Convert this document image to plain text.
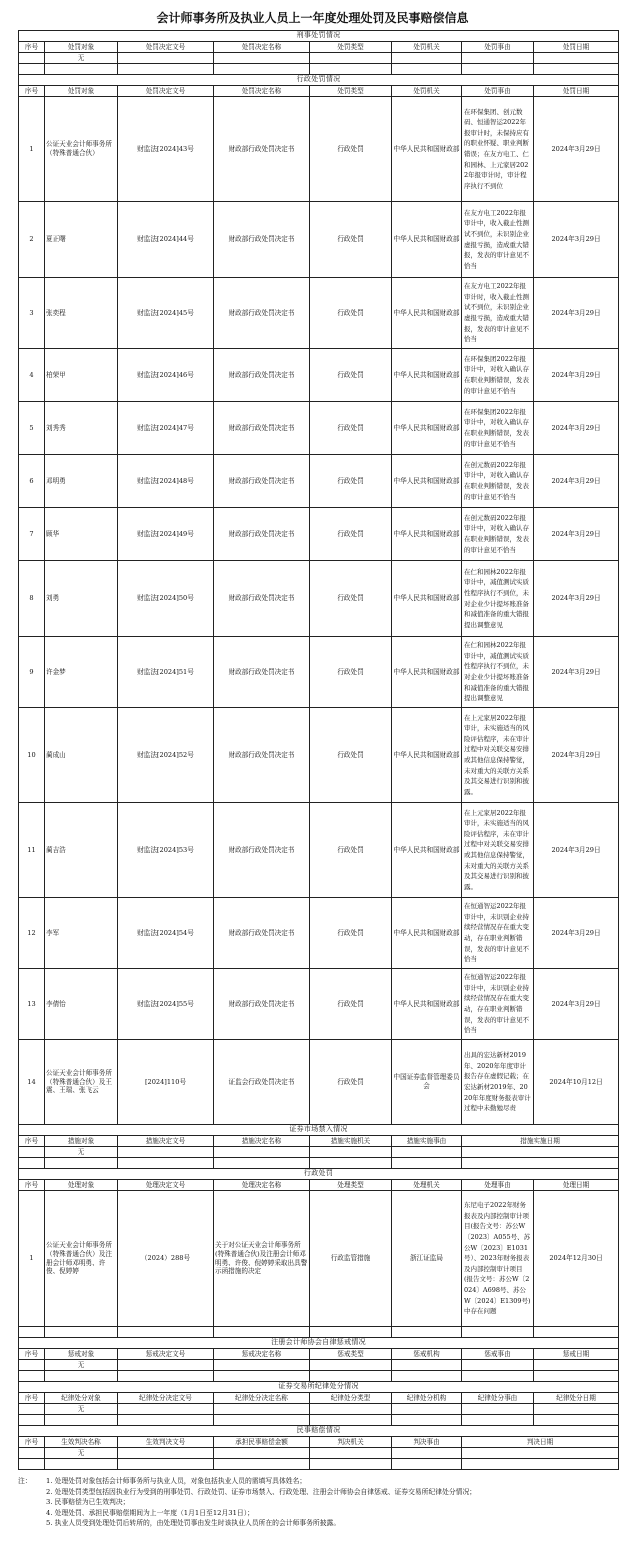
会计师事务所及执业人员上一年度处理处罚及民事赔偿信息
刑事处罚情况							
序号	处罚对象	处罚决定文号	处罚决定名称	处罚类型	处罚机关	处罚事由	处罚日期
	无						

行政处罚情况							
序号	处罚对象	处罚决定文号	处罚决定名称	处罚类型	处罚机关	处罚事由	处罚日期
1	公证天业会计师事务所（特殊普通合伙）	财监法[2024]43号	财政部行政处罚决定书	行政处罚	中华人民共和国财政部	在环保集团、创元数码、恒通智运2022年报审计时，未保持应有的职业怀疑、职业判断错误；在友方电工、仁和园林、上元家居2022年报审计时，审计程序执行不到位	2024年3月29日
2	夏正曙	财监法[2024]44号	财政部行政处罚决定书	行政处罚	中华人民共和国财政部	在友方电工2022年报审计中，收入截止性测试不到位，未识别企业虚报亏损，造成重大错报，发表的审计意见不恰当	2024年3月29日
3	张奕程	财监法[2024]45号	财政部行政处罚决定书	行政处罚	中华人民共和国财政部	在友方电工2022年报审计时，收入截止性测试不到位，未识别企业虚报亏损，造成重大错报，发表的审计意见不恰当	2024年3月29日
4	柏荣甲	财监法[2024]46号	财政部行政处罚决定书	行政处罚	中华人民共和国财政部	在环保集团2022年报审计中，对收入确认存在职业判断错误，发表的审计意见不恰当	2024年3月29日
5	刘秀秀	财监法[2024]47号	财政部行政处罚决定书	行政处罚	中华人民共和国财政部	在环保集团2022年报审计中，对收入确认存在职业判断错误，发表的审计意见不恰当	2024年3月29日
6	邓明勇	财监法[2024]48号	财政部行政处罚决定书	行政处罚	中华人民共和国财政部	在创元数码2022年报审计中，对收入确认存在职业判断错误，发表的审计意见不恰当	2024年3月29日
7	顾华	财监法[2024]49号	财政部行政处罚决定书	行政处罚	中华人民共和国财政部	在创元数码2022年报审计中，对收入确认存在职业判断错误，发表的审计意见不恰当	2024年3月29日
8	刘勇	财监法[2024]50号	财政部行政处罚决定书	行政处罚	中华人民共和国财政部	在仁和园林2022年报审计中，减值测试实质性程序执行不到位，未对企业少计提坏账准备和减值准备的重大错报提出调整意见	2024年3月29日
9	许金梦	财监法[2024]51号	财政部行政处罚决定书	行政处罚	中华人民共和国财政部	在仁和园林2022年报审计中，减值测试实质性程序执行不到位，未对企业少计提坏账准备和减值准备的重大错报提出调整意见	2024年3月29日
10	蔺成山	财监法[2024]52号	财政部行政处罚决定书	行政处罚	中华人民共和国财政部	在上元家居2022年报审计，未实施适当的风险评估程序，未在审计过程中对关联交易安排或其他信息保持警觉，未对重大的关联方关系及其交易进行识别和披露。	2024年3月29日
11	蔺吉浩	财监法[2024]53号	财政部行政处罚决定书	行政处罚	中华人民共和国财政部	在上元家居2022年报审计，未实施适当的风险评估程序，未在审计过程中对关联交易安排或其他信息保持警觉，未对重大的关联方关系及其交易进行识别和披露。	2024年3月29日
12	李军	财监法[2024]54号	财政部行政处罚决定书	行政处罚	中华人民共和国财政部	在恒通智运2022年报审计中，未识别企业持续经营情况存在重大变动，存在职业判断错误，发表的审计意见不恰当	2024年3月29日
13	李倩怡	财监法[2024]55号	财政部行政处罚决定书	行政处罚	中华人民共和国财政部	在恒通智运2022年报审计中，未识别企业持续经营情况存在重大变动，存在职业判断错误，发表的审计意见不恰当	2024年3月29日
14	公证天业会计师事务所（特殊普通合伙）及王震、王瑞、张飞云	[2024]110号	证监会行政处罚决定书	行政处罚	中国证券监督管理委员会	出具的宏达新材2019年、2020年年度审计报告存在虚假记载；在宏达新材2019年、2020年年度财务报表审计过程中未勤勉尽责	2024年10月12日
证券市场禁入情况							
序号	措施对象	措施决定文号	措施决定名称	措施实施机关	措施实施事由	措施实施日期	
	无						

行政处罚							
序号	处理对象	处理决定文号	处理决定名称	处理类型	处理机关	处理事由	处理日期
1	公证天业会计师事务所（特殊普通合伙）及注册会计师邓明勇、许俊、倪婷婷	（2024）288号	关于对公证天业会计师事务所(特殊普通合伙)及注册会计师邓明勇、许俊、倪婷婷采取出具警示函措施的决定	行政监管措施	浙江证监局	东尼电子2022年财务报表及内部控制审计项目(报告文号：苏公W〔2023〕A055号、苏公W〔2023〕E1031号）、2023年财务报表及内部控制审计项目(报告文号：苏公W〔2024〕A698号、苏公W〔2024〕E1309号)中存在问题	2024年12月30日

注册会计师协会自律惩戒情况							
序号	惩戒对象	惩戒决定文号	惩戒决定名称	惩戒类型	惩戒机构	惩戒事由	惩戒日期
	无						

证券交易所纪律处分情况							
序号	纪律处分对象	纪律处分决定文号	纪律处分决定名称	纪律处分类型	纪律处分机构	纪律处分事由	纪律处分日期
	无						

民事赔偿情况							
序号	生效判决名称	生效判决文号	承担民事赔偿金额	判决机关	判决事由	判决日期	
	无						

注： 1. 处理处罚对象包括会计师事务所与执业人员，对象包括执业人员的需填写具体姓名；
2. 处理处罚类型包括因执业行为受到的刑事处罚、行政处罚、证券市场禁入、行政处理、注册会计师协会自律惩戒、证券交易所纪律处分情况；
3. 民事赔偿为已生效判决；
4. 处理处罚、承担民事赔偿期间为上一年度（1月1日至12月31日）；
5. 执业人员受到处理处罚后转所的，由处理处罚事由发生时该执业人员所在的会计师事务所披露。
